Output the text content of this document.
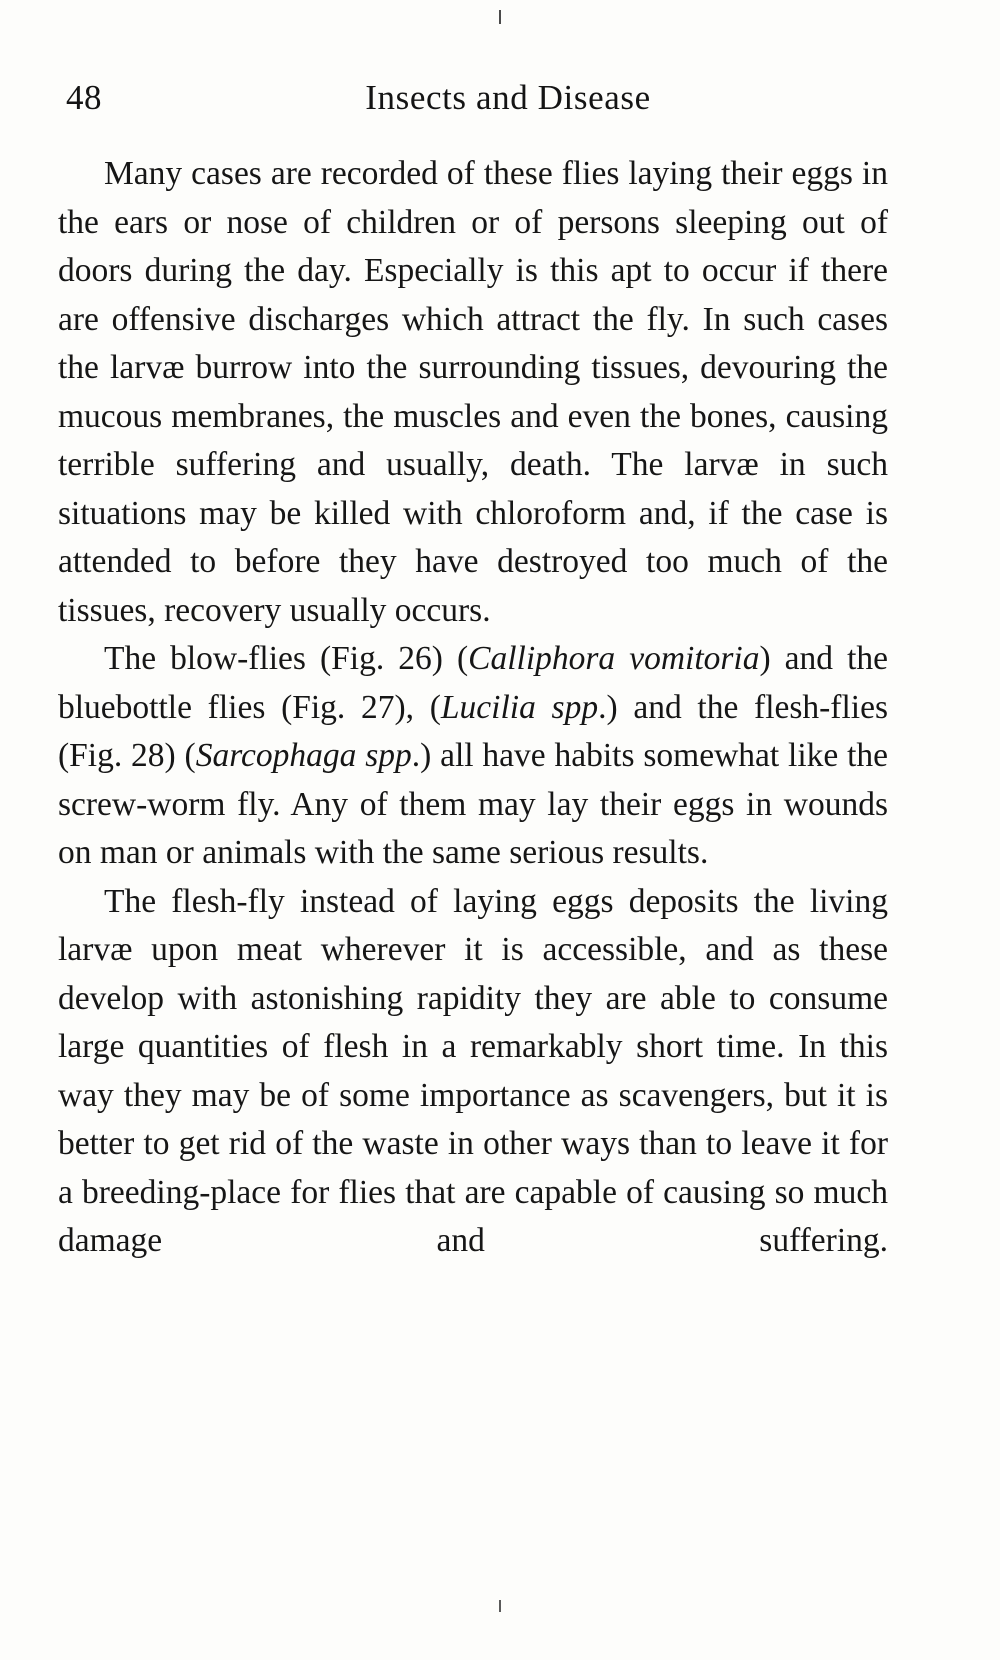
48	Insects and Disease

Many cases are recorded of these flies laying their eggs in the ears or nose of children or of persons sleeping out of doors during the day. Especially is this apt to occur if there are offensive discharges which attract the fly. In such cases the larvæ burrow into the surrounding tissues, devouring the mucous membranes, the muscles and even the bones, causing terrible suffering and usually, death. The larvæ in such situations may be killed with chloroform and, if the case is attended to before they have destroyed too much of the tissues, recovery usually occurs.

The blow-flies (Fig. 26) (Calliphora vomitoria) and the bluebottle flies (Fig. 27), (Lucilia spp.) and the flesh-flies (Fig. 28) (Sarcophaga spp.) all have habits somewhat like the screw-worm fly. Any of them may lay their eggs in wounds on man or animals with the same serious results.

The flesh-fly instead of laying eggs deposits the living larvæ upon meat wherever it is accessible, and as these develop with astonishing rapidity they are able to consume large quantities of flesh in a remarkably short time. In this way they may be of some importance as scavengers, but it is better to get rid of the waste in other ways than to leave it for a breeding-place for flies that are capable of causing so much damage and suffering.
